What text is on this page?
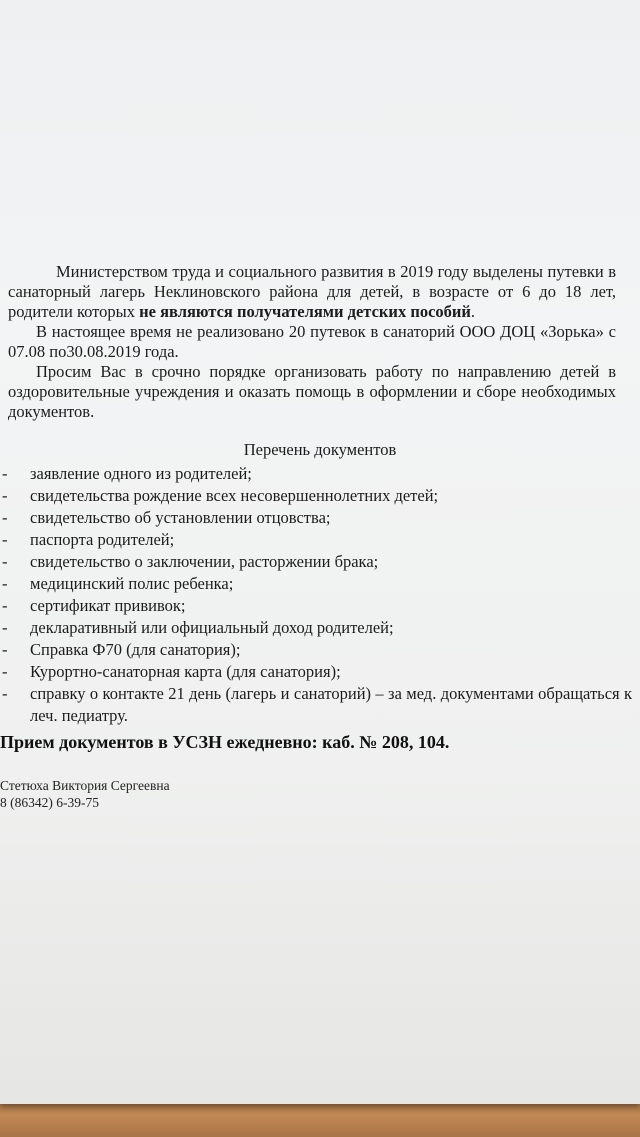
Министерством труда и социального развития в 2019 году выделены путевки в санаторный лагерь Неклиновского района для детей, в возрасте от 6 до 18 лет, родители которых не являются получателями детских пособий.

В настоящее время не реализовано 20 путевок в санаторий ООО ДОЦ «Зорька» с 07.08 по30.08.2019 года.

Просим Вас в срочно порядке организовать работу по направлению детей в оздоровительные учреждения и оказать помощь в оформлении и сборе необходимых документов.

Перечень документов
- заявление одного из родителей;
- свидетельства рождение всех несовершеннолетних детей;
- свидетельство об установлении отцовства;
- паспорта родителей;
- свидетельство о заключении, расторжении брака;
- медицинский полис ребенка;
- сертификат прививок;
- декларативный или официальный доход родителей;
- Справка Ф70 (для санатория);
- Курортно-санаторная карта (для санатория);
- справку о контакте 21 день (лагерь и санаторий) – за мед. документами обращаться к леч. педиатру.

Прием документов в УСЗН ежедневно: каб. № 208, 104.

Стетюха Виктория Сергеевна
8 (86342) 6-39-75
